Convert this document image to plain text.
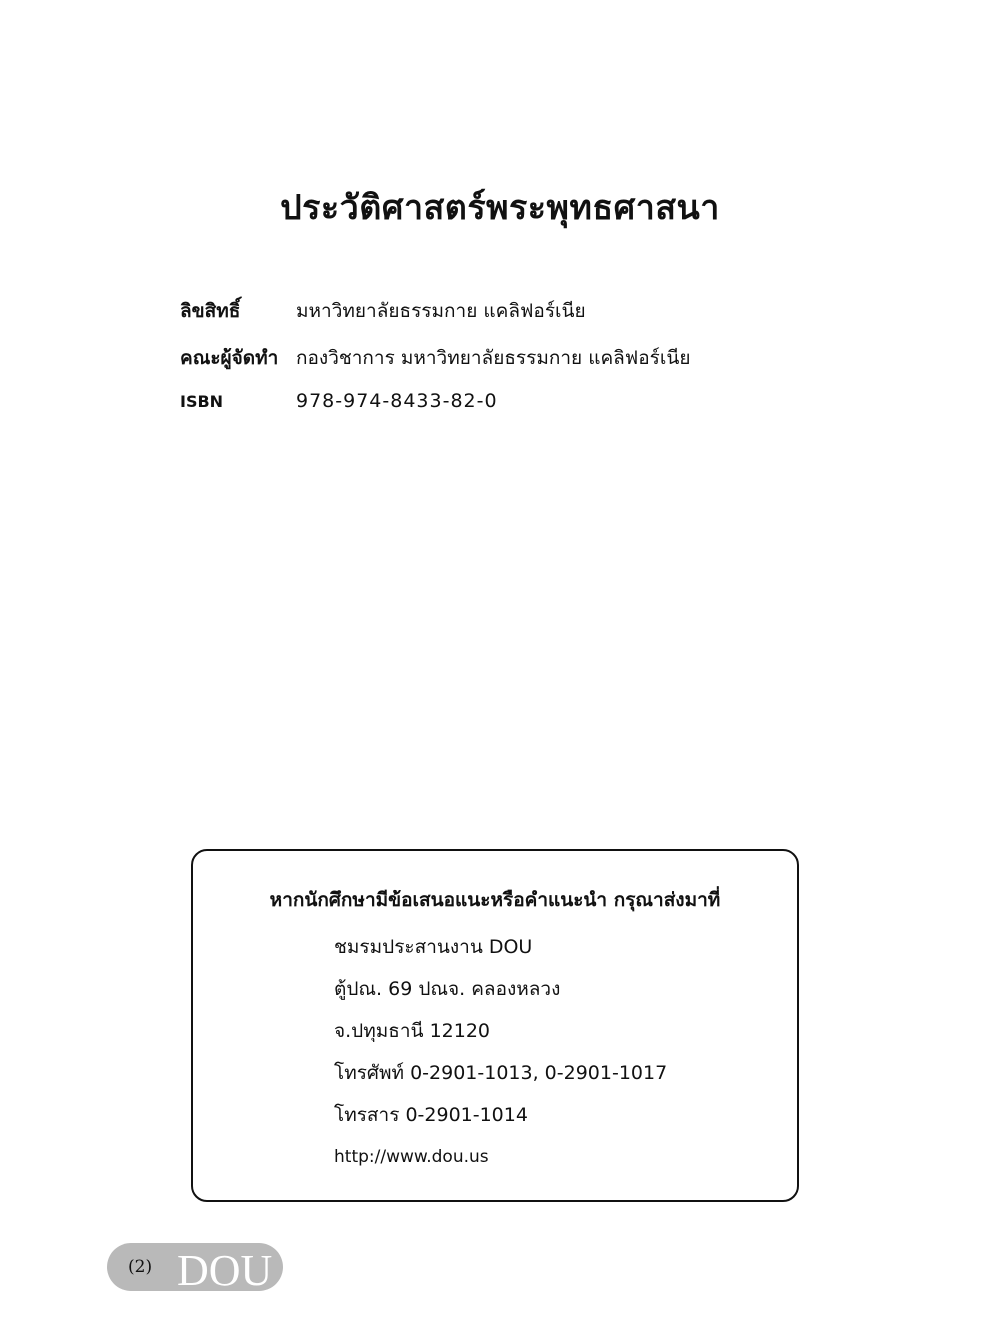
ประวัติศาสตร์พระพุทธศาสนา
ลิขสิทธิ์	มหาวิทยาลัยธรรมกาย แคลิฟอร์เนีย
คณะผู้จัดทำ กองวิชาการ มหาวิทยาลัยธรรมกาย แคลิฟอร์เนีย
ISBN	978-974-8433-82-0
หากนักศึกษามีข้อเสนอแนะหรือคำแนะนำ กรุณาส่งมาที่
ชมรมประสานงาน DOU
ตู้ปณ. 69 ปณจ. คลองหลวง
จ.ปทุมธานี 12120
โทรศัพท์ 0-2901-1013, 0-2901-1017
โทรสาร 0-2901-1014
http://www.dou.us
(2) DOU
